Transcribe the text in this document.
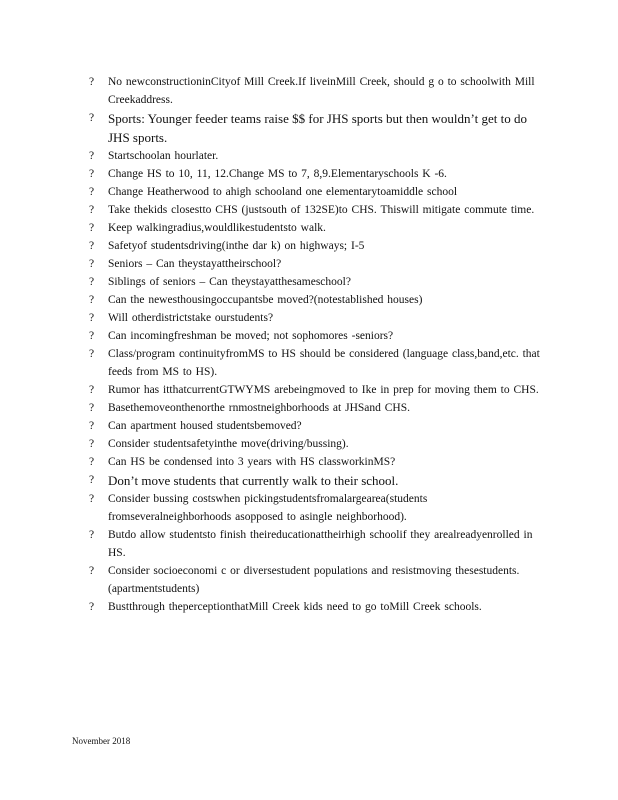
? No newconstructioninCityof Mill Creek.If liveinMill Creek, should g o to schoolwith Mill Creekaddress.
? Sports: Younger feeder teams raise $$ for JHS sports but then wouldn’t get to do JHS sports.
? Startschoolan hourlater.
? Change HS to 10, 11, 12.Change MS to 7, 8,9.Elementaryschools K -6.
? Change Heatherwood to ahigh schooland one elementarytoamiddle school
? Take thekids closestto CHS (justsouth of 132SE)to CHS. Thiswill mitigate commute time.
? Keep walkingradius,wouldlikestudentsto walk.
? Safetyof studentsdriving(inthe dar k) on highways; I-5
? Seniors – Can theystayattheirschool?
? Siblings of seniors – Can theystayatthesameschool?
? Can the newesthousingoccupantsbe moved?(notestablished houses)
? Will otherdistrictstake ourstudents?
? Can incomingfreshman be moved; not sophomores -seniors?
? Class/program continuityfromMS to HS should be considered (language class,band,etc. that feeds from MS to HS).
? Rumor has itthatcurrentGTWYMS arebeingmoved to Ike in prep for moving them to CHS.
? Basethemoveonthenorthe rnmostneighborhoods at JHSand CHS.
? Can apartment housed studentsbemoved?
? Consider studentsafetyinthe move(driving/bussing).
? Can HS be condensed into 3 years with HS classworkinMS?
? Don’t move students that currently walk to their school.
? Consider bussing costswhen pickingstudentsfromalargearea(students fromseveralneighborhoods asopposed to asingle neighborhood).
? Butdo allow studentsto finish theireducationattheirhigh schoolif they arealreadyenrolled in HS.
? Consider socioeconomi c or diversestudent populations and resistmoving thesestudents. (apartmentstudents)
? Bustthrough theperceptionthatMill Creek kids need to go toMill Creek schools.
November 2018
